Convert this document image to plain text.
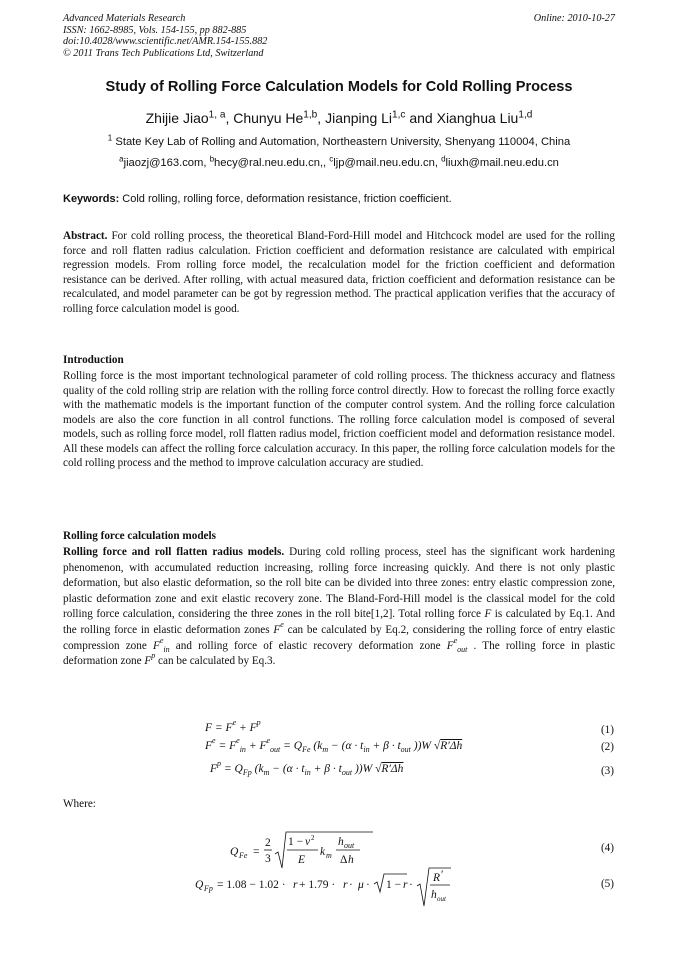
Advanced Materials Research
ISSN: 1662-8985, Vols. 154-155, pp 882-885
doi:10.4028/www.scientific.net/AMR.154-155.882
© 2011 Trans Tech Publications Ltd, Switzerland
Online: 2010-10-27
Study of Rolling Force Calculation Models for Cold Rolling Process
Zhijie Jiao$^{1, a}$, Chunyu He$^{1,b}$, Jianping Li$^{1,c}$ and Xianghua Liu$^{1,d}$
$^1$ State Key Lab of Rolling and Automation, Northeastern University, Shenyang 110004, China
$^a$jiaozj@163.com, $^b$hecy@ral.neu.edu.cn,, $^c$ljp@mail.neu.edu.cn, $^d$liuxh@mail.neu.edu.cn
Keywords: Cold rolling, rolling force, deformation resistance, friction coefficient.
Abstract. For cold rolling process, the theoretical Bland-Ford-Hill model and Hitchcock model are used for the rolling force and roll flatten radius calculation. Friction coefficient and deformation resistance are calculated with empirical regression models. From rolling force model, the recalculation model for the friction coefficient and deformation resistance can be derived. After rolling, with actual measured data, friction coefficient and deformation resistance can be recalculated, and model parameter can be got by regression method. The practical application verifies that the accuracy of rolling force calculation model is good.
Introduction
Rolling force is the most important technological parameter of cold rolling process. The thickness accuracy and flatness quality of the cold rolling strip are relation with the rolling force control directly. How to forecast the rolling force exactly with the mathematic models is the important function of the computer control system. And the rolling force calculation models are also the core function in all control functions. The rolling force calculation model is composed of several models, such as rolling force model, roll flatten radius model, friction coefficient model and deformation resistance model. All these models can affect the rolling force calculation accuracy. In this paper, the rolling force calculation models for the cold rolling process and the method to improve calculation accuracy are studied.
Rolling force calculation models
Rolling force and roll flatten radius models. During cold rolling process, steel has the significant work hardening phenomenon, with accumulated reduction increasing, rolling force increasing quickly. And there is not only plastic deformation, but also elastic deformation, so the roll bite can be divided into three zones: entry elastic compression zone, plastic deformation zone and exit elastic recovery zone. The Bland-Ford-Hill model is the classical model for the cold rolling force calculation, considering the three zones in the roll bite[1,2]. Total rolling force F is calculated by Eq.1. And the rolling force in elastic deformation zones $F^e$ can be calculated by Eq.2, considering the rolling force of entry elastic compression zone $F^e_{in}$ and rolling force of elastic recovery deformation zone $F^e_{out}$ . The rolling force in plastic deformation zone $F^p$ can be calculated by Eq.3.
$F = F^e + F^p$
(1)
$F^e = F^e_{in} + F^e_{out} = Q_{Fe}$ ($k_m - (\alpha \cdot t_{in} + \beta \cdot t_{out}$ ))W √R′Δh	(2)
$F^p = Q_{Fp}$ ($k_m - (\alpha \cdot t_{in} + \beta \cdot t_{out}$ ))W √R′Δh	(3)
Where:
Q Fe =
2
3
1 − ν 2
E
k m
h out
Δ h
(4)
Q Fp = 1.08 − 1.02 · r + 1.79 · r · μ · 1 − r ·
R ′
h out
(5)
